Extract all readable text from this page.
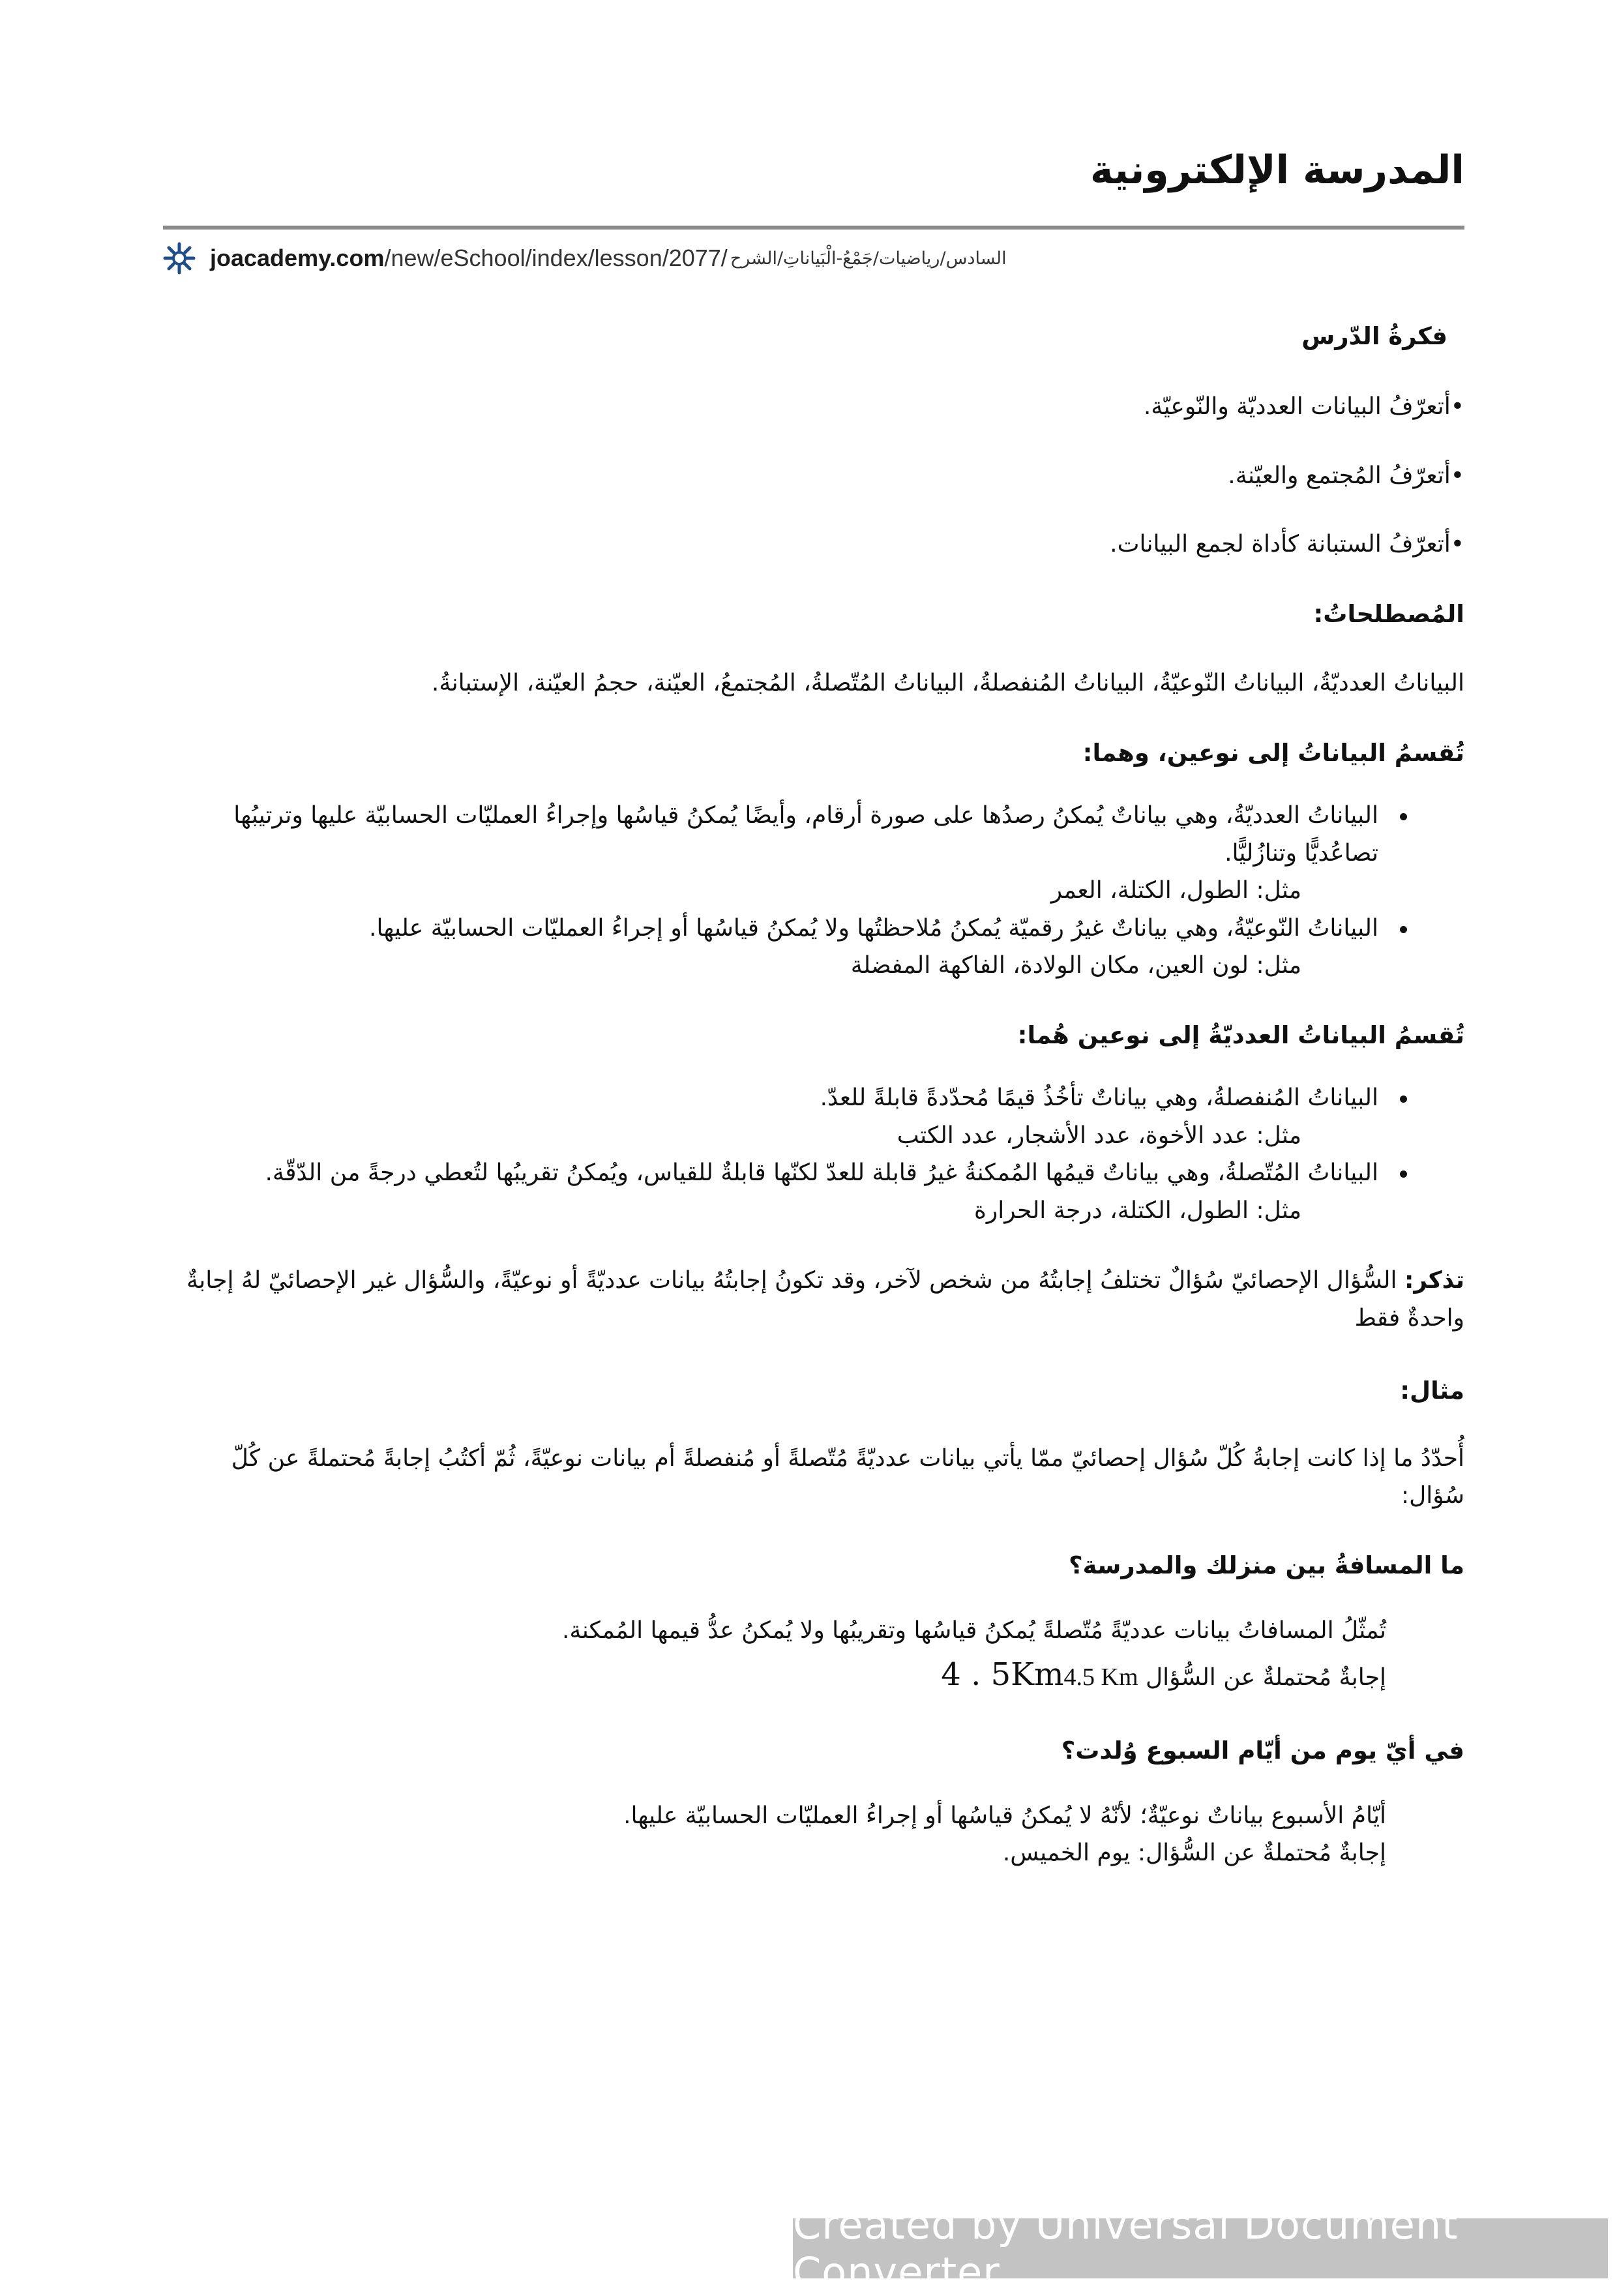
المدرسة الإلكترونية
joacademy.com /new/eSchool/index/lesson/2077/ السادس/رياضيات/جَمْعُ-الْبَياناتِ/الشرح

فكرةُ الدّرس

•أتعرّفُ البيانات العدديّة والنّوعيّة.

•أتعرّفُ المُجتمع والعيّنة.

•أتعرّفُ الستبانة كأداة لجمع البيانات.

المُصطلحاتُ:

البياناتُ العدديّةُ، البياناتُ النّوعيّةُ، البياناتُ المُنفصلةُ، البياناتُ المُتّصلةُ، المُجتمعُ، العيّنة، حجمُ العيّنة، الإستبانةُ.

تُقسمُ البياناتُ إلى نوعين، وهما:

البياناتُ العدديّةُ، وهي بياناتٌ يُمكنُ رصدُها على صورة أرقام، وأيضًا يُمكنُ قياسُها وإجراءُ العمليّات الحسابيّة عليها وترتيبُها تصاعُديًّا وتنازُليًّا.
مثل: الطول، الكتلة، العمر
البياناتُ النّوعيّةُ، وهي بياناتٌ غيرُ رقميّة يُمكنُ مُلاحظتُها ولا يُمكنُ قياسُها أو إجراءُ العمليّات الحسابيّة عليها.
مثل: لون العين، مكان الولادة، الفاكهة المفضلة

تُقسمُ البياناتُ العدديّةُ إلى نوعين هُما:

البياناتُ المُنفصلةُ، وهي بياناتٌ تأخُذُ قيمًا مُحدّدةً قابلةً للعدّ.
مثل: عدد الأخوة، عدد الأشجار، عدد الكتب
البياناتُ المُتّصلةُ، وهي بياناتٌ قيمُها المُمكنةُ غيرُ قابلة للعدّ لكنّها قابلةٌ للقياس، ويُمكنُ تقريبُها لتُعطي درجةً من الدّقّة.
مثل: الطول، الكتلة، درجة الحرارة

تذكر: السُّؤال الإحصائيّ سُؤالٌ تختلفُ إجابتُهُ من شخص لآخر، وقد تكونُ إجابتُهُ بيانات عدديّةً أو نوعيّةً، والسُّؤال غير الإحصائيّ لهُ إجابةٌ واحدةٌ فقط

مثال:

أُحدّدُ ما إذا كانت إجابةُ كُلّ سُؤال إحصائيّ ممّا يأتي بيانات عدديّةً مُتّصلةً أو مُنفصلةً أم بيانات نوعيّةً، ثُمّ أكتُبُ إجابةً مُحتملةً عن كُلّ سُؤال:

ما المسافةُ بين منزلك والمدرسة؟

تُمثّلُ المسافاتُ بيانات عدديّةً مُتّصلةً يُمكنُ قياسُها وتقريبُها ولا يُمكنُ عدُّ قيمها المُمكنة.

إجابةٌ مُحتملةٌ عن السُّؤال 4 . 5Km4.5 Km

في أيّ يوم من أيّام السبوع وُلدت؟

أيّامُ الأسبوع بياناتٌ نوعيّةٌ؛ لأنّهُ لا يُمكنُ قياسُها أو إجراءُ العمليّات الحسابيّة عليها.

إجابةٌ مُحتملةٌ عن السُّؤال: يوم الخميس.

Created by Universal Document Converter
